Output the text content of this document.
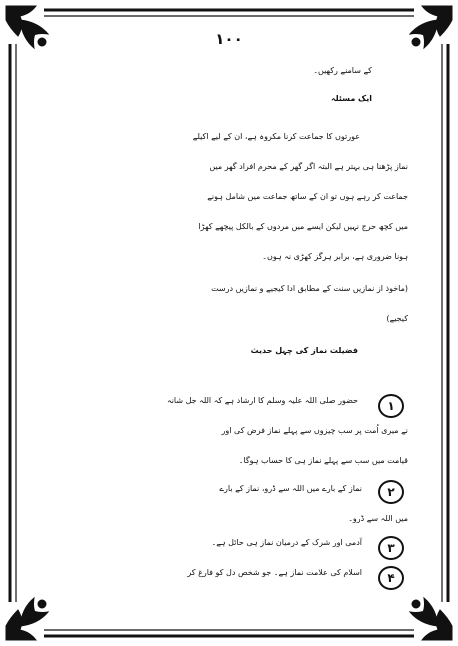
۱۰۰
کے سامنے رکھیں۔
ایک مسئلہ
عورتوں کا جماعت کرنا مکروہ ہے، ان کے لیے اکیلے
نماز پڑھنا ہی بہتر ہے البتہ اگر گھر کے محرم افراد گھر میں
جماعت کر رہے ہوں تو ان کے ساتھ جماعت میں شامل ہونے
میں کچھ حرج نہیں لیکن ایسے میں مردوں کے بالکل پیچھے کھڑا
ہونا ضروری ہے، برابر ہرگز کھڑی نہ ہوں۔
(ماخوذ از نمازیں سنت کے مطابق ادا کیجیے و نمازیں درست
کیجیے)
فضیلت نماز کی چہل حدیث
۱
حضور صلی اللہ علیہ وسلم کا ارشاد ہے کہ اللہ جل شانہ
نے میری اُمت پر سب چیزوں سے پہلے نماز فرض کی اور
قیامت میں سب سے پہلے نماز ہی کا حساب ہوگا۔
۲
نماز کے بارے میں اللہ سے ڈرو، نماز کے بارے
میں اللہ سے ڈرو۔
۳
آدمی اور شرک کے درمیان نماز ہی حائل ہے۔
۴
اسلام کی علامت نماز ہے۔ جو شخص دل کو فارغ کر
